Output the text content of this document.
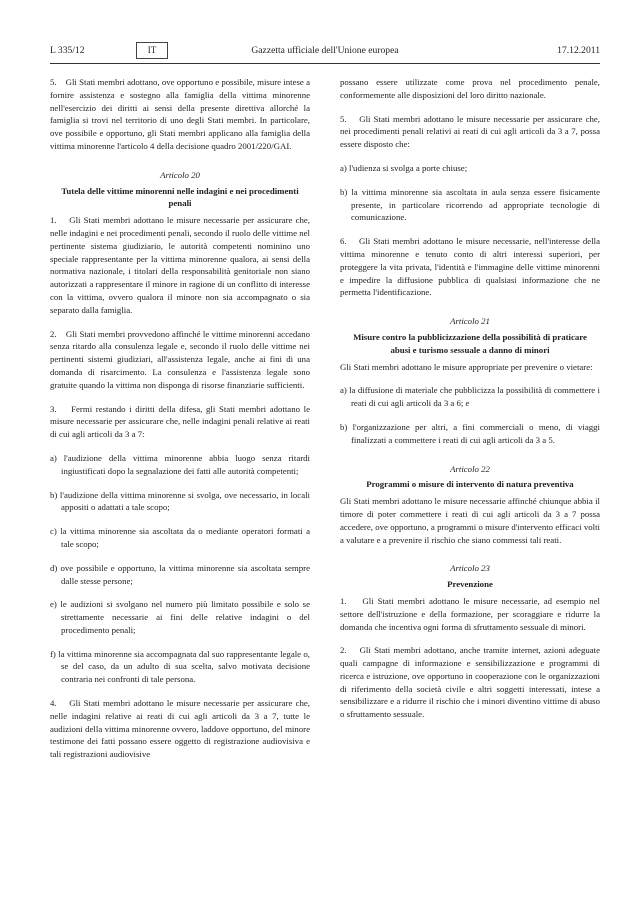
L 335/12	IT	Gazzetta ufficiale dell'Unione europea	17.12.2011

5.    Gli Stati membri adottano, ove opportuno e possibile, misure intese a fornire assistenza e sostegno alla famiglia della vittima minorenne nell'esercizio dei diritti ai sensi della presente direttiva allorché la famiglia si trovi nel territorio di uno degli Stati membri. In particolare, ove possibile e opportuno, gli Stati membri applicano alla famiglia della vittima minorenne l'articolo 4 della decisione quadro 2001/220/GAI.

Articolo 20

Tutela delle vittime minorenni nelle indagini e nei procedimenti penali

1.    Gli Stati membri adottano le misure necessarie per assicurare che, nelle indagini e nei procedimenti penali, secondo il ruolo delle vittime nel pertinente sistema giudiziario, le autorità competenti nominino uno speciale rappresentante per la vittima minorenne qualora, ai sensi della normativa nazionale, i titolari della responsabilità genitoriale non siano autorizzati a rappresentare il minore in ragione di un conflitto di interesse con la vittima, ovvero qualora il minore non sia accompagnato o sia separato dalla famiglia.

2.    Gli Stati membri provvedono affinché le vittime minorenni accedano senza ritardo alla consulenza legale e, secondo il ruolo delle vittime nei pertinenti sistemi giudiziari, all'assistenza legale, anche ai fini di una domanda di risarcimento. La consulenza e l'assistenza legale sono gratuite quando la vittima non disponga di risorse finanziarie sufficienti.

3.    Fermi restando i diritti della difesa, gli Stati membri adottano le misure necessarie per assicurare che, nelle indagini penali relative ai reati di cui agli articoli da 3 a 7:

a) l'audizione della vittima minorenne abbia luogo senza ritardi ingiustificati dopo la segnalazione dei fatti alle autorità competenti;

b) l'audizione della vittima minorenne si svolga, ove necessario, in locali appositi o adattati a tale scopo;

c) la vittima minorenne sia ascoltata da o mediante operatori formati a tale scopo;

d) ove possibile e opportuno, la vittima minorenne sia ascoltata sempre dalle stesse persone;

e) le audizioni si svolgano nel numero più limitato possibile e solo se strettamente necessarie ai fini delle relative indagini o del procedimento penali;

f) la vittima minorenne sia accompagnata dal suo rappresentante legale o, se del caso, da un adulto di sua scelta, salvo motivata decisione contraria nei confronti di tale persona.

4.    Gli Stati membri adottano le misure necessarie per assicurare che, nelle indagini relative ai reati di cui agli articoli da 3 a 7, tutte le audizioni della vittima minorenne ovvero, laddove opportuno, del minore testimone dei fatti possano essere oggetto di registrazione audiovisiva e tali registrazioni audiovisive

possano essere utilizzate come prova nel procedimento penale, conformemente alle disposizioni del loro diritto nazionale.

5.    Gli Stati membri adottano le misure necessarie per assicurare che, nei procedimenti penali relativi ai reati di cui agli articoli da 3 a 7, possa essere disposto che:

a) l'udienza si svolga a porte chiuse;

b) la vittima minorenne sia ascoltata in aula senza essere fisicamente presente, in particolare ricorrendo ad appropriate tecnologie di comunicazione.

6.    Gli Stati membri adottano le misure necessarie, nell'interesse della vittima minorenne e tenuto conto di altri interessi superiori, per proteggere la vita privata, l'identità e l'immagine delle vittime minorenni e impedire la diffusione pubblica di qualsiasi informazione che ne permetta l'identificazione.

Articolo 21

Misure contro la pubblicizzazione della possibilità di praticare abusi e turismo sessuale a danno di minori

Gli Stati membri adottano le misure appropriate per prevenire o vietare:

a) la diffusione di materiale che pubblicizza la possibilità di commettere i reati di cui agli articoli da 3 a 6; e

b) l'organizzazione per altri, a fini commerciali o meno, di viaggi finalizzati a commettere i reati di cui agli articoli da 3 a 5.

Articolo 22

Programmi o misure di intervento di natura preventiva

Gli Stati membri adottano le misure necessarie affinché chiunque abbia il timore di poter commettere i reati di cui agli articoli da 3 a 7 possa accedere, ove opportuno, a programmi o misure d'intervento efficaci volti a valutare e a prevenire il rischio che siano commessi tali reati.

Articolo 23

Prevenzione

1.    Gli Stati membri adottano le misure necessarie, ad esempio nel settore dell'istruzione e della formazione, per scoraggiare e ridurre la domanda che incentiva ogni forma di sfruttamento sessuale di minori.

2.    Gli Stati membri adottano, anche tramite internet, azioni adeguate quali campagne di informazione e sensibilizzazione e programmi di ricerca e istruzione, ove opportuno in cooperazione con le organizzazioni di riferimento della società civile e altri soggetti interessati, intese a sensibilizzare e a ridurre il rischio che i minori diventino vittime di abuso o sfruttamento sessuale.
